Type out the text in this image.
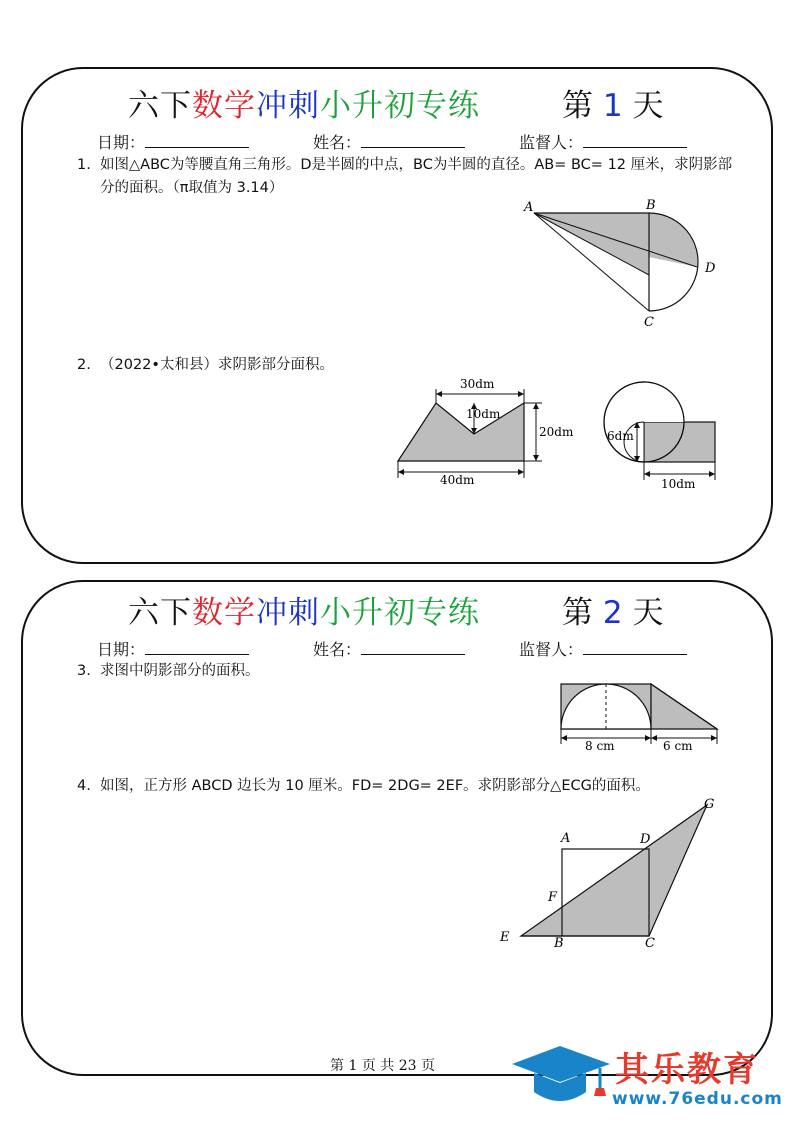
六下数学冲刺小升初专练	第 1 天
日期：	姓名：	监督人：
1. 如图△ABC为等腰直角三角形。D是半圆的中点，BC为半圆的直径。AB= BC= 12 厘米，求阴影部分的面积。（π取值为 3.14）
A	B
C
D
2. （2022•太和县）求阴影部分面积。
30dm
10dm
20dm
40dm
6dm
10dm
六下数学冲刺小升初专练	第 2 天
日期：	姓名：	监督人：
3. 求图中阴影部分的面积。
8 cm	6 cm
4. 如图，正方形 ABCD 边长为 10 厘米。FD= 2DG= 2EF。求阴影部分△ECG的面积。
A	D
B	C
E
F
G
第 1 页 共 23 页	其乐教育
www.76edu.com
